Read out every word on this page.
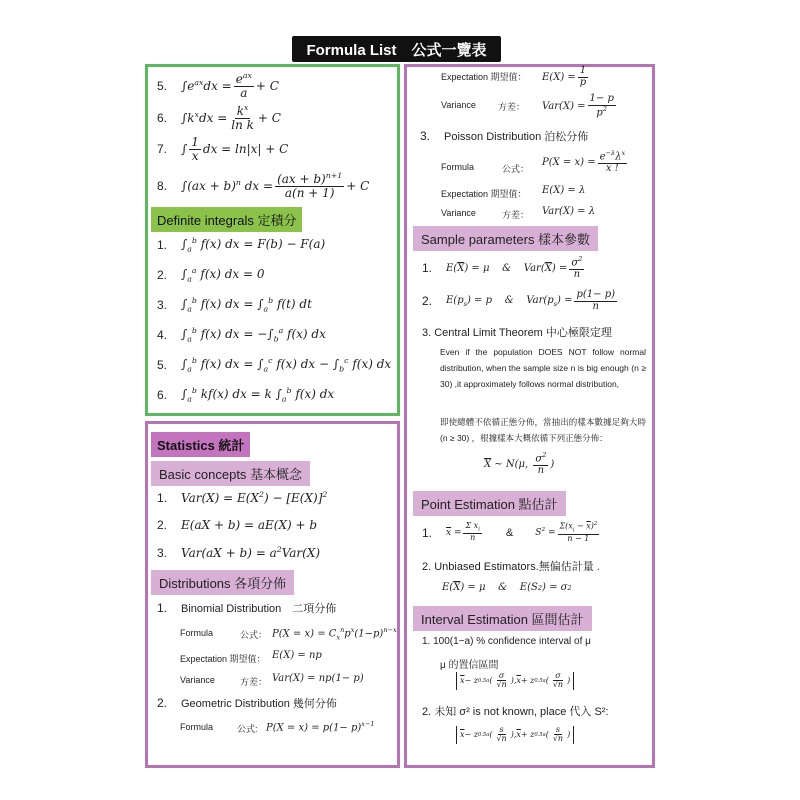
Formula List　公式一覽表
5.	$\int e^{ax}dx = \frac{e^{ax}}{a} + C$
6.	$\int k^xdx = \frac{k^x}{\text{ln k}} + C$
7.	∫ $\frac{1}{x}$ dx = ln|x| + C
8.	∫(ax + b)$^n$ dx = $\frac{(ax + b)^{n+1}}{a(n + 1)} + C$
Definite integrals 定積分
1.	$\int_a^b$ f(x) dx = F(b) − F(a)
2.	$\int_a^a$ f(x) dx = 0
3.	$\int_a^b$ f(x) dx = $\int_a^b$ f(t) dt
4.	$\int_a^b$ f(x) dx = $-\int_b^a$ f(x) dx
5.	$\int_a^b$ f(x) dx = $\int_a^c$ f(x) dx − $\int_b^c$ f(x) dx
6.	$\int_a^b$ kf(x) dx = k $\int_a^b$ f(x) dx
Statistics 統計
Basic concepts 基本概念
1.	$Var(X) = E(X^2) - [E(X)]^2$
2.	E(aX + b) = aE(X) + b
3.	$Var(aX + b) = a^2Var(X)$
Distributions 各項分佈
1.	Binomial Distribution　二項分佈
Formula	公式： $P(X = x) = C_x^np^x(1-p)^{n-x}$
Expectation 期望值： E(X) = np
Variance	方差： Var(X) = np(1− p)
2.	Geometric Distribution 幾何分佈
Formula	公式: $P(X = x) = p(1- p)^{x-1}$
Expectation 期望值： $E(X) = \frac{1}{p}$
Variance 方差： $Var(X) = \frac{1- p}{p^2}$
3.	Poisson Distribution 泊松分佈
Formula	公式：
$P(X = x) = \frac{e^{-\lambda}\lambda^x}{x !}$
Expectation 期望值： E(X) = λ
Variance	方差： Var(X) = λ
Sample parameters 樣本參數
1.	$E(\overline{X}) = \mu$    &    $Var(\overline{X}) = \frac{\sigma^2}{n}$
2.	$E(p_s) = p$    &    $Var(p_s) = \frac{p(1- p)}{n}$
3. Central Limit Theorem 中心極限定理
Even if the population DOES NOT follow normal distribution, when the sample size n is big enough (n ≥ 30) ,it approximately follows normal distribution,
即使總體不依循正態分佈，當抽出的樣本數據足夠大時 (n ≥ 30) ，根據樣本大概依循下列正態分佈：
$\overline{X}$ ~ N(μ, $\frac{\sigma^2}{n}$ )
Point Estimation 點估計
1.	$\overline{x} = \frac{\Sigma x_i}{n}$ & $S^2 = \frac{\Sigma(x_i - \overline{x})^2}{n - 1}$
2. Unbiased Estimators.無偏估計量 .
E( $\overline{X}$ ) = μ    &    E(S 2 ) = σ 2
Interval Estimation 區間估計
1. 100(1−a) % confidence interval of μ
μ 的置信區間
$\overline{x} - z$ 0.5a ( $\frac{\sigma}{√n}$ ), $\overline{x} + z$ 0.5a ( $\frac{\sigma}{√n}$ )
2. 未知 σ² is not known, place 代入 S²:
$\overline{x} - z$ 0.5a ( $\frac{s}{√n}$ ), $\overline{x} + z$ 0.5a ( $\frac{s}{√n}$ )
